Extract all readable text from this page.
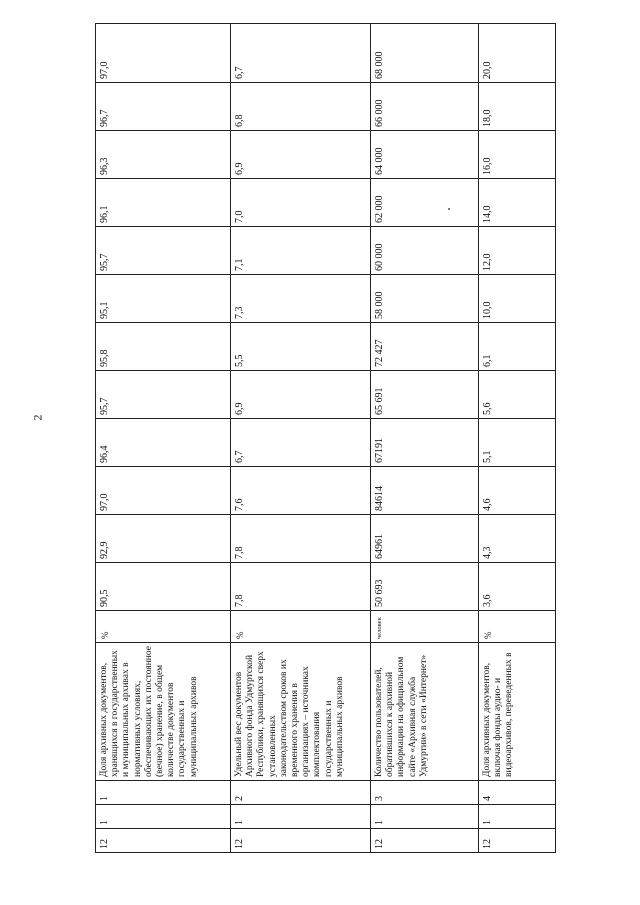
2
12	1	1	Доля архивных документов, хранящихся в государственных и муниципальных архивах в нормативных условиях, обеспечивающих их постоянное (вечное) хранение, в общем количестве документов государственных и муниципальных архивов	%	90,5	92,9	97,0	96,4	95,7	95,8	95,1	95,7	96,1	96,3	96,7	97,0
12	1	2	Удельный вес документов Архивного фонда Удмуртской Республики, хранящихся сверх установленных законодательством сроков их временного хранения в организациях – источниках комплектования государственных и муниципальных архивов	%	7,8	7,8	7,6	6,7	6,9	5,5	7,3	7,1	7,0	6,9	6,8	6,7
12	1	3	Количество пользователей, обратившихся к архивной информации на официальном сайте «Архивная служба Удмуртии» в сети «Интернет»	человек	50 693	64961	84614	67191	65 691	72 427	58 000	60 000	62 000	64 000	66 000	68 000
12	1	4	Доля архивных документов, включая фонды аудио- и видеоархивов, переведенных в	%	3,6	4,3	4,6	5,1	5,6	6,1	10,0	12,0	14,0	16,0	18,0	20,0
